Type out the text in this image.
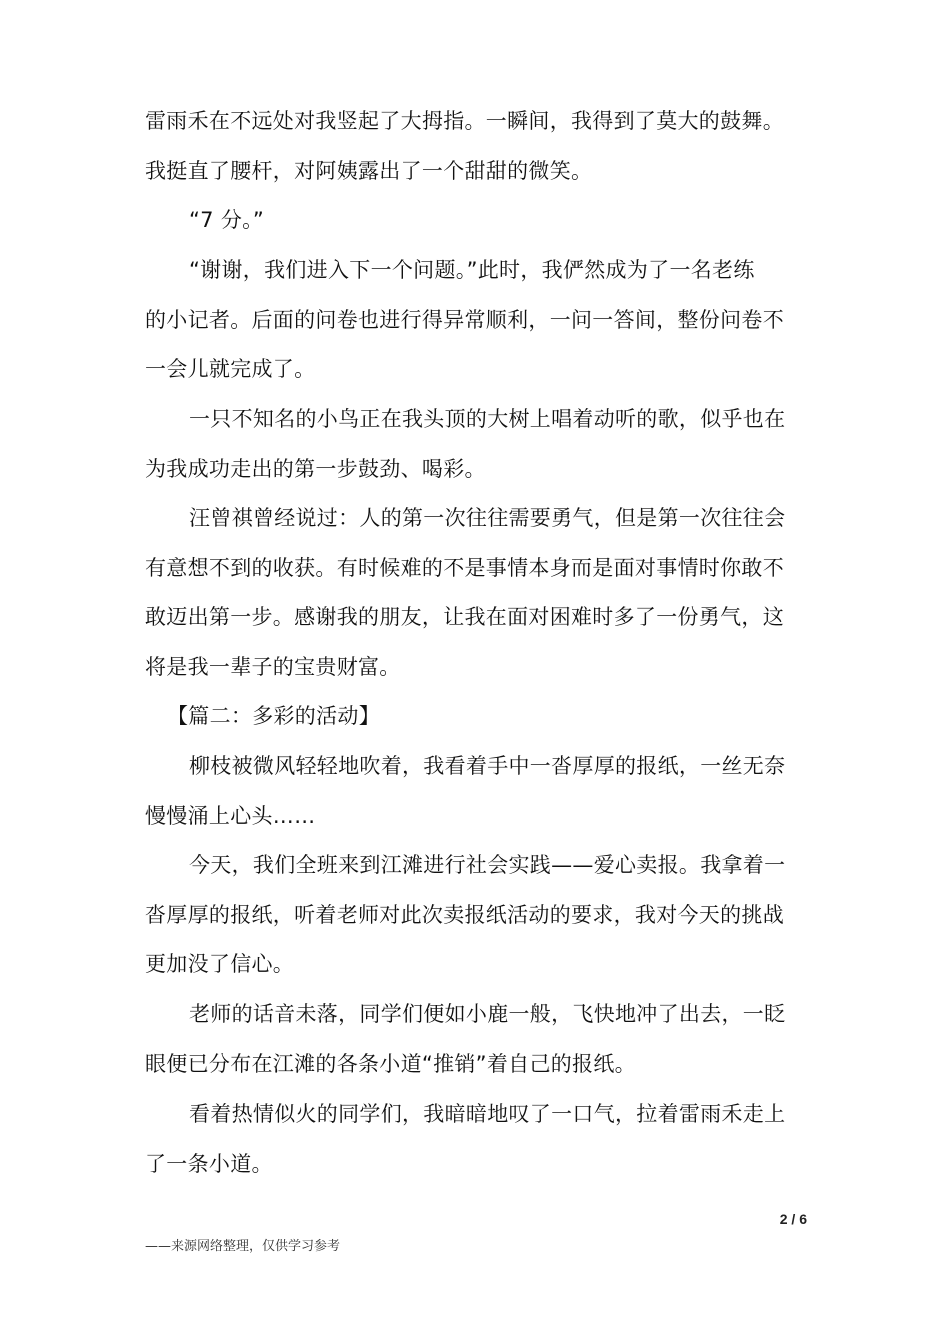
雷雨禾在不远处对我竖起了大拇指。一瞬间，我得到了莫大的鼓舞。
我挺直了腰杆，对阿姨露出了一个甜甜的微笑。

“7 分。”

“谢谢，我们进入下一个问题。”此时，我俨然成为了一名老练
的小记者。后面的问卷也进行得异常顺利，一问一答间，整份问卷不
一会儿就完成了。

一只不知名的小鸟正在我头顶的大树上唱着动听的歌，似乎也在
为我成功走出的第一步鼓劲、喝彩。

汪曾祺曾经说过：人的第一次往往需要勇气，但是第一次往往会
有意想不到的收获。有时候难的不是事情本身而是面对事情时你敢不
敢迈出第一步。感谢我的朋友，让我在面对困难时多了一份勇气，这
将是我一辈子的宝贵财富。

【篇二：多彩的活动】

柳枝被微风轻轻地吹着，我看着手中一沓厚厚的报纸，一丝无奈
慢慢涌上心头……

今天，我们全班来到江滩进行社会实践——爱心卖报。我拿着一
沓厚厚的报纸，听着老师对此次卖报纸活动的要求，我对今天的挑战
更加没了信心。

老师的话音未落，同学们便如小鹿一般，飞快地冲了出去，一眨
眼便已分布在江滩的各条小道“推销”着自己的报纸。

看着热情似火的同学们，我暗暗地叹了一口气，拉着雷雨禾走上
了一条小道。

2 / 6
——来源网络整理，仅供学习参考
